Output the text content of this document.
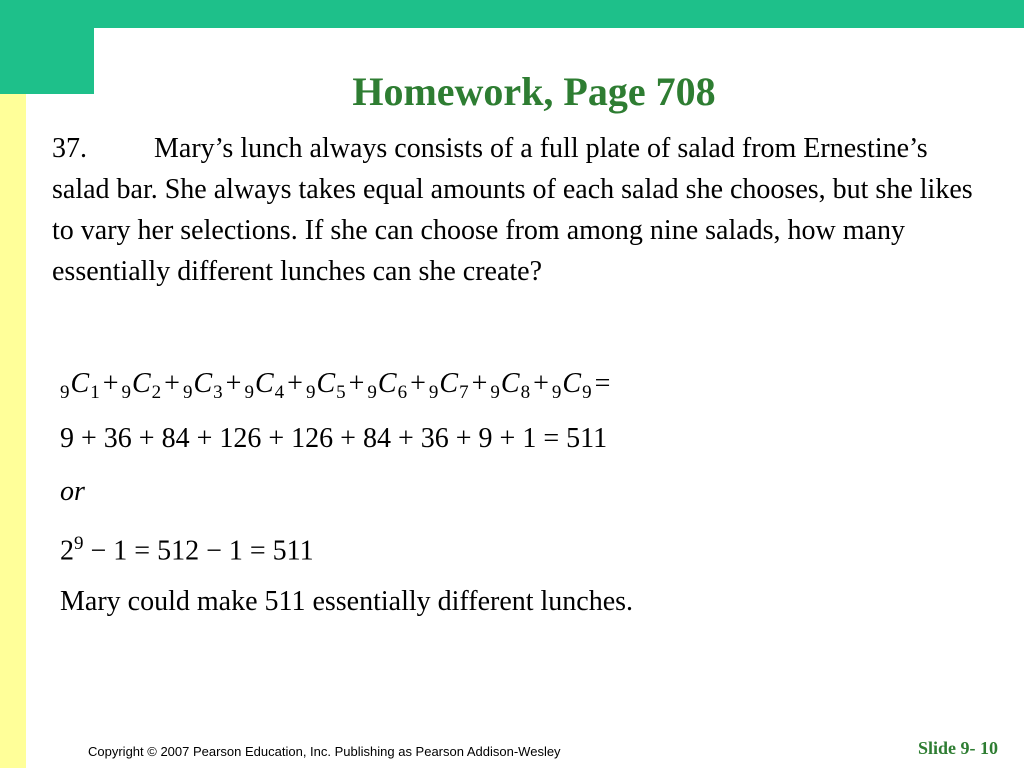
Homework, Page 708

37. Mary’s lunch always consists of a full plate of salad from Ernestine’s salad bar. She always takes equal amounts of each salad she chooses, but she likes to vary her selections. If she can choose from among nine salads, how many essentially different lunches can she create?

$_9C_1 + _9C_2 + _9C_3 + _9C_4 + _9C_5 + _9C_6 + _9C_7 + _9C_8 + _9C_9$ =
9 + 36 + 84 + 126 + 126 + 84 + 36 + 9 + 1 = 511
or
$2^9 - 1 = 512 - 1 = 511$
Mary could make 511 essentially different lunches.
Copyright © 2007 Pearson Education, Inc. Publishing as Pearson Addison-Wesley	Slide 9- 10
